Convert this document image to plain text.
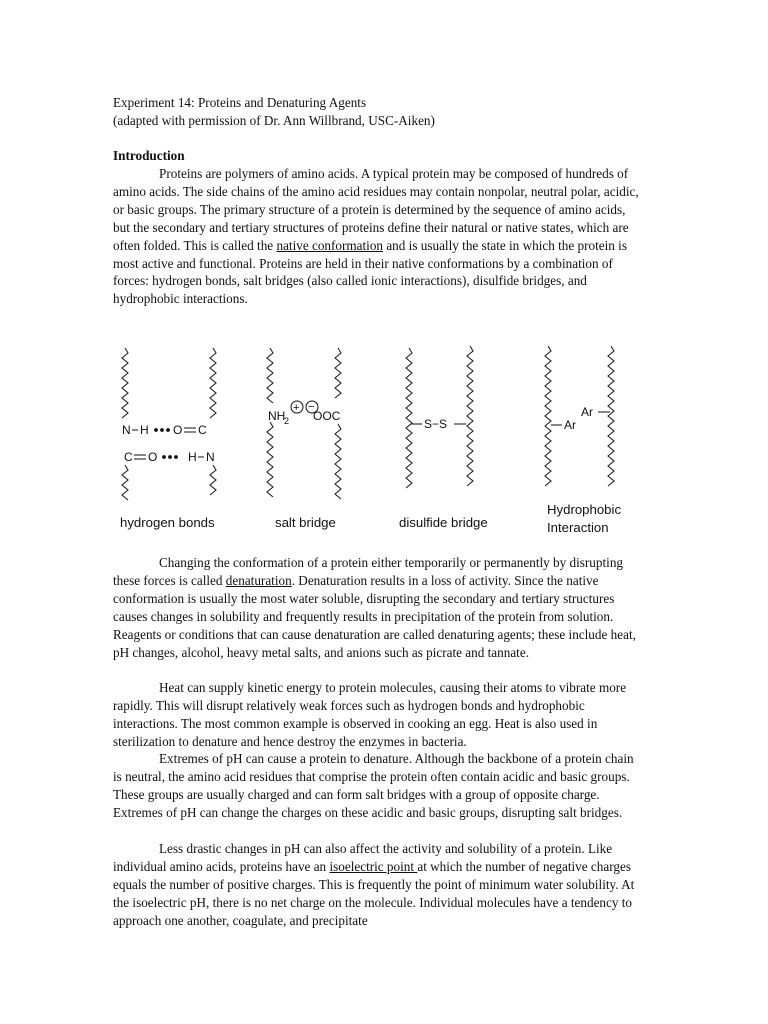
Experiment 14: Proteins and Denaturing Agents
(adapted with permission of Dr. Ann Willbrand, USC-Aiken)
Introduction

Proteins are polymers of amino acids. A typical protein may be composed of hundreds of amino acids. The side chains of the amino acid residues may contain nonpolar, neutral polar, acidic, or basic groups. The primary structure of a protein is determined by the sequence of amino acids, but the secondary and tertiary structures of proteins define their natural or native states, which are often folded. This is called the native conformation and is usually the state in which the protein is most active and functional. Proteins are held in their native conformations by a combination of forces: hydrogen bonds, salt bridges (also called ionic interactions), disulfide bridges, and hydrophobic interactions.

N H O C
C O	H N
NH
2
+ −
OOC
S−S
Ar
Ar
hydrogen bonds	salt bridge	disulfide bridge
Hydrophobic
Interaction

Changing the conformation of a protein either temporarily or permanently by disrupting these forces is called denaturation. Denaturation results in a loss of activity. Since the native conformation is usually the most water soluble, disrupting the secondary and tertiary structures causes changes in solubility and frequently results in precipitation of the protein from solution. Reagents or conditions that can cause denaturation are called denaturing agents; these include heat, pH changes, alcohol, heavy metal salts, and anions such as picrate and tannate.

Heat can supply kinetic energy to protein molecules, causing their atoms to vibrate more rapidly. This will disrupt relatively weak forces such as hydrogen bonds and hydrophobic interactions. The most common example is observed in cooking an egg. Heat is also used in sterilization to denature and hence destroy the enzymes in bacteria.

Extremes of pH can cause a protein to denature. Although the backbone of a protein chain is neutral, the amino acid residues that comprise the protein often contain acidic and basic groups. These groups are usually charged and can form salt bridges with a group of opposite charge. Extremes of pH can change the charges on these acidic and basic groups, disrupting salt bridges.

Less drastic changes in pH can also affect the activity and solubility of a protein. Like individual amino acids, proteins have an isoelectric point at which the number of negative charges equals the number of positive charges. This is frequently the point of minimum water solubility. At the isoelectric pH, there is no net charge on the molecule. Individual molecules have a tendency to approach one another, coagulate, and precipitate
